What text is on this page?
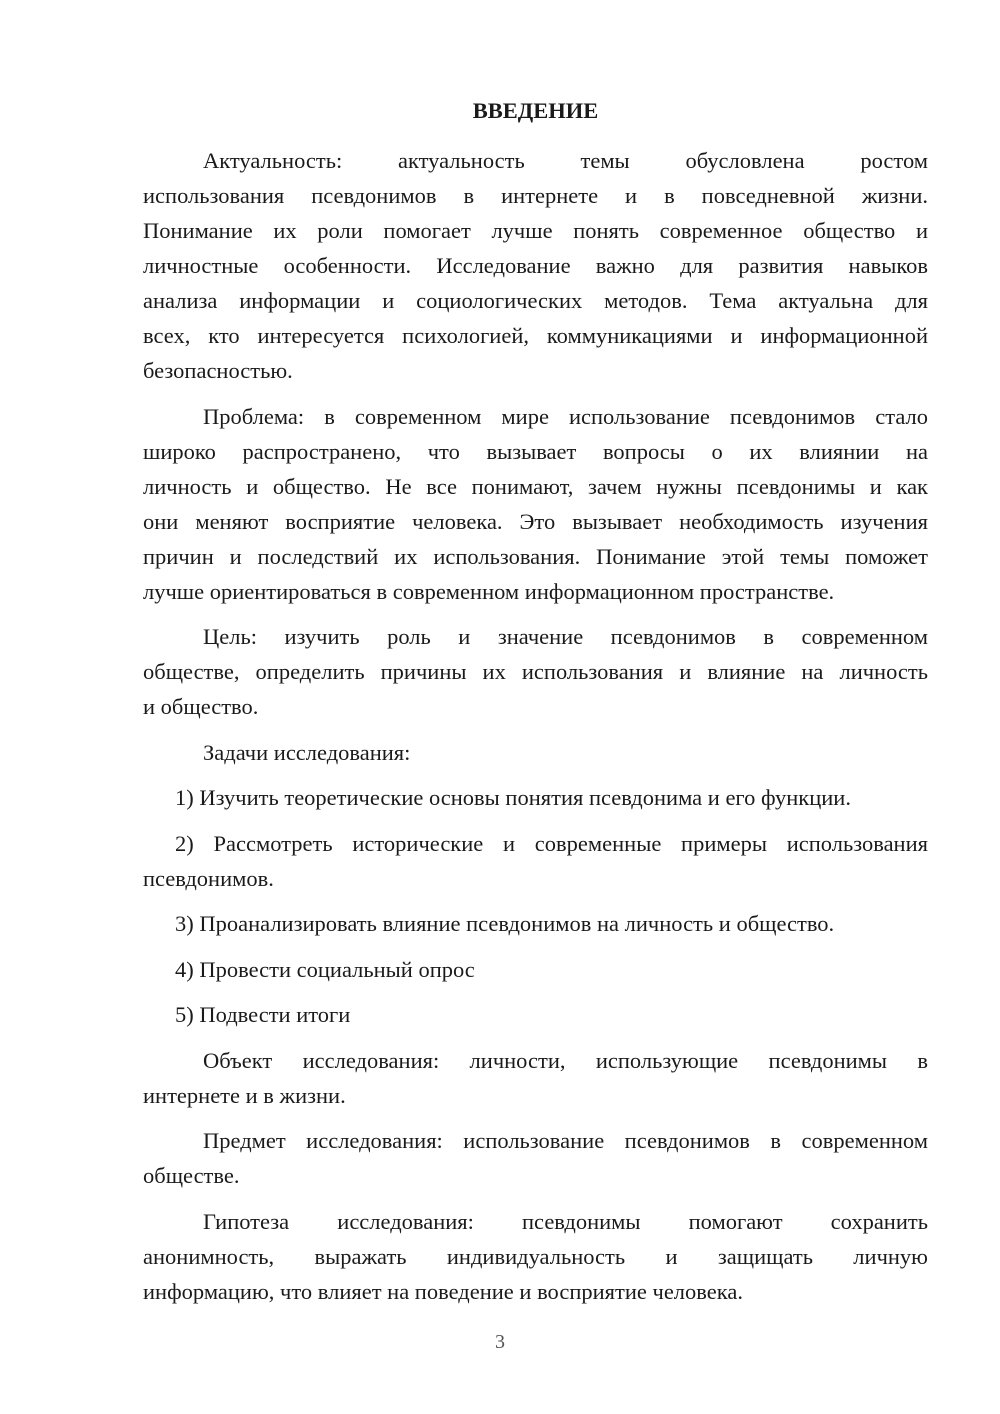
ВВЕДЕНИЕ
Актуальность: актуальность темы обусловлена ростом
использования псевдонимов в интернете и в повседневной жизни.
Понимание их роли помогает лучше понять современное общество и
личностные особенности. Исследование важно для развития навыков
анализа информации и социологических методов. Тема актуальна для
всех, кто интересуется психологией, коммуникациями и информационной
безопасностью.
Проблема: в современном мире использование псевдонимов стало
широко распространено, что вызывает вопросы о их влиянии на
личность и общество. Не все понимают, зачем нужны псевдонимы и как
они меняют восприятие человека. Это вызывает необходимость изучения
причин и последствий их использования. Понимание этой темы поможет
лучше ориентироваться в современном информационном пространстве.
Цель: изучить роль и значение псевдонимов в современном
обществе, определить причины их использования и влияние на личность
и общество.
Задачи исследования:
1) Изучить теоретические основы понятия псевдонима и его функции.
2) Рассмотреть исторические и современные примеры использования
псевдонимов.
3) Проанализировать влияние псевдонимов на личность и общество.
4) Провести социальный опрос
5) Подвести итоги
Объект исследования: личности, использующие псевдонимы в
интернете и в жизни.
Предмет исследования: использование псевдонимов в современном
обществе.
Гипотеза исследования: псевдонимы помогают сохранить
анонимность, выражать индивидуальность и защищать личную
информацию, что влияет на поведение и восприятие человека.
3
